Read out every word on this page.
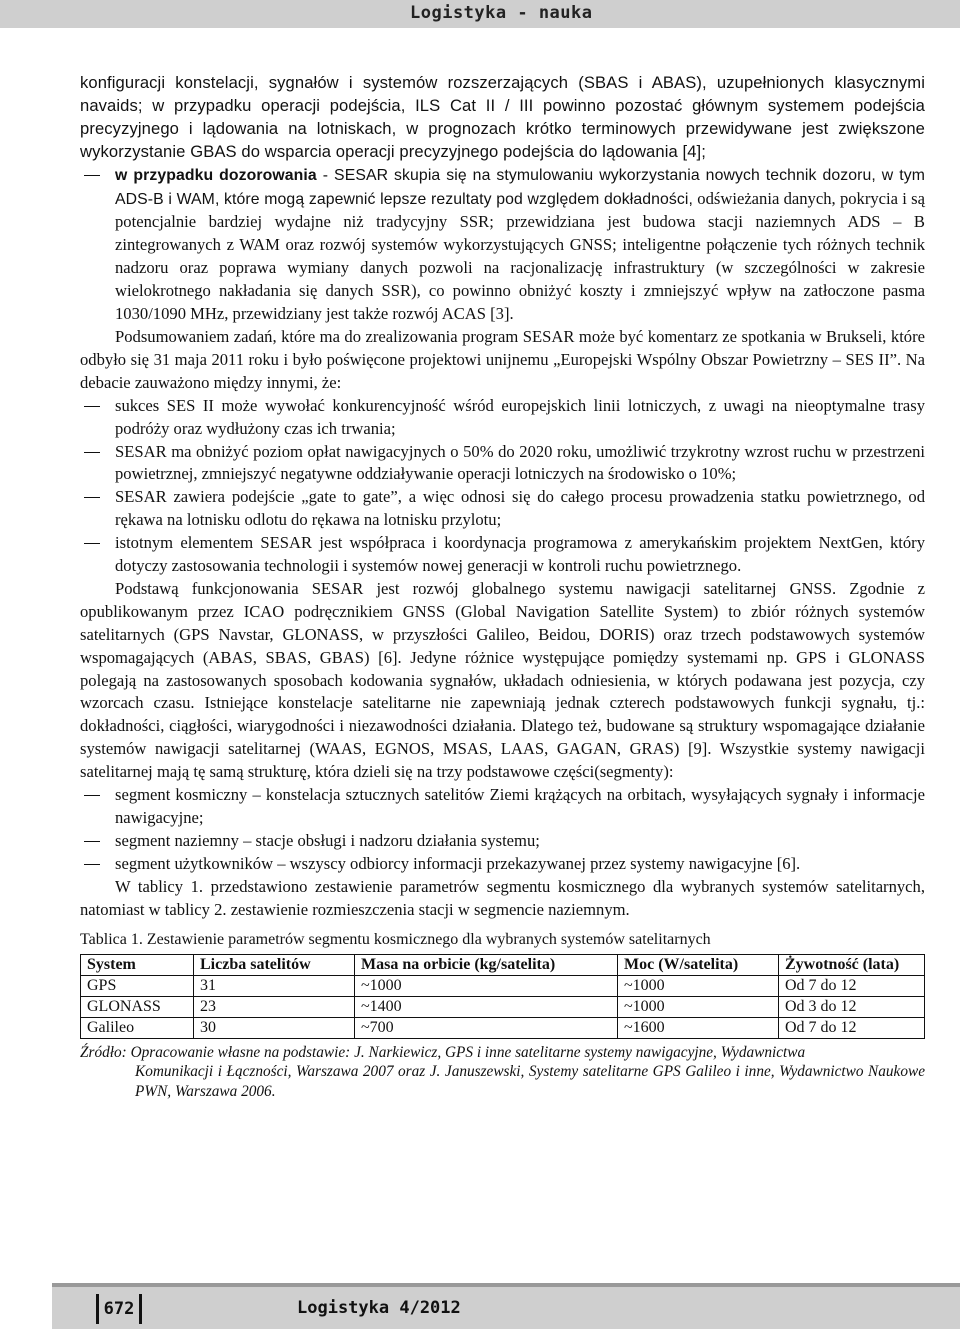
Logistyka - nauka

konfiguracji konstelacji, sygnałów i systemów rozszerzających (SBAS i ABAS), uzupełnionych klasycznymi navaids; w przypadku operacji podejścia, ILS Cat II / III powinno pozostać głównym systemem podejścia precyzyjnego i lądowania na lotniskach, w prognozach krótko terminowych przewidywane jest zwiększone wykorzystanie GBAS do wsparcia operacji precyzyjnego podejścia do lądowania [4];

w przypadku dozorowania - SESAR skupia się na stymulowaniu wykorzystania nowych technik dozoru, w tym ADS-B i WAM, które mogą zapewnić lepsze rezultaty pod względem dokładności, odświeżania danych, pokrycia i są potencjalnie bardziej wydajne niż tradycyjny SSR; przewidziana jest budowa stacji naziemnych ADS – B zintegrowanych z WAM oraz rozwój systemów wykorzystujących GNSS; inteligentne połączenie tych różnych technik nadzoru oraz poprawa wymiany danych pozwoli na racjonalizację infrastruktury (w szczególności w zakresie wielokrotnego nakładania się danych SSR), co powinno obniżyć koszty i zmniejszyć wpływ na zatłoczone pasma 1030/1090 MHz, przewidziany jest także rozwój ACAS [3].

Podsumowaniem zadań, które ma do zrealizowania program SESAR może być komentarz ze spotkania w Brukseli, które odbyło się 31 maja 2011 roku i było poświęcone projektowi unijnemu „Europejski Wspólny Obszar Powietrzny – SES II”. Na debacie zauważono między innymi, że:

sukces SES II może wywołać konkurencyjność wśród europejskich linii lotniczych, z uwagi na nieoptymalne trasy podróży oraz wydłużony czas ich trwania;
SESAR ma obniżyć poziom opłat nawigacyjnych o 50% do 2020 roku, umożliwić trzykrotny wzrost ruchu w przestrzeni powietrznej, zmniejszyć negatywne oddziaływanie operacji lotniczych na środowisko o 10%;
SESAR zawiera podejście „gate to gate”, a więc odnosi się do całego procesu prowadzenia statku powietrznego, od rękawa na lotnisku odlotu do rękawa na lotnisku przylotu;
istotnym elementem SESAR jest współpraca i koordynacja programowa z amerykańskim projektem NextGen, który dotyczy zastosowania technologii i systemów nowej generacji w kontroli ruchu powietrznego.

Podstawą funkcjonowania SESAR jest rozwój globalnego systemu nawigacji satelitarnej GNSS. Zgodnie z opublikowanym przez ICAO podręcznikiem GNSS (Global Navigation Satellite System) to zbiór różnych systemów satelitarnych (GPS Navstar, GLONASS, w przyszłości Galileo, Beidou, DORIS) oraz trzech podstawowych systemów wspomagających (ABAS, SBAS, GBAS) [6]. Jedyne różnice występujące pomiędzy systemami np. GPS i GLONASS polegają na zastosowanych sposobach kodowania sygnałów, układach odniesienia, w których podawana jest pozycja, czy wzorcach czasu. Istniejące konstelacje satelitarne nie zapewniają jednak czterech podstawowych funkcji sygnału, tj.: dokładności, ciągłości, wiarygodności i niezawodności działania. Dlatego też, budowane są struktury wspomagające działanie systemów nawigacji satelitarnej (WAAS, EGNOS, MSAS, LAAS, GAGAN, GRAS) [9]. Wszystkie systemy nawigacji satelitarnej mają tę samą strukturę, która dzieli się na trzy podstawowe części(segmenty):

segment kosmiczny – konstelacja sztucznych satelitów Ziemi krążących na orbitach, wysyłających sygnały i informacje nawigacyjne;
segment naziemny – stacje obsługi i nadzoru działania systemu;
segment użytkowników – wszyscy odbiorcy informacji przekazywanej przez systemy nawigacyjne [6].

W tablicy 1. przedstawiono zestawienie parametrów segmentu kosmicznego dla wybranych systemów satelitarnych, natomiast w tablicy 2. zestawienie rozmieszczenia stacji w segmencie naziemnym.

Tablica 1. Zestawienie parametrów segmentu kosmicznego dla wybranych systemów satelitarnych
System	Liczba satelitów	Masa na orbicie (kg/satelita)	Moc (W/satelita)	Żywotność (lata)
GPS	31	~1000	~1000	Od 7 do 12
GLONASS	23	~1400	~1000	Od 3 do 12
Galileo	30	~700	~1600	Od 7 do 12
Źródło: Opracowanie własne na podstawie: J. Narkiewicz, GPS i inne satelitarne systemy nawigacyjne, Wydawnictwa
Komunikacji i Łączności, Warszawa 2007 oraz J. Januszewski, Systemy satelitarne GPS Galileo i inne, Wydawnictwo Naukowe PWN, Warszawa 2006.
672	Logistyka 4/2012
